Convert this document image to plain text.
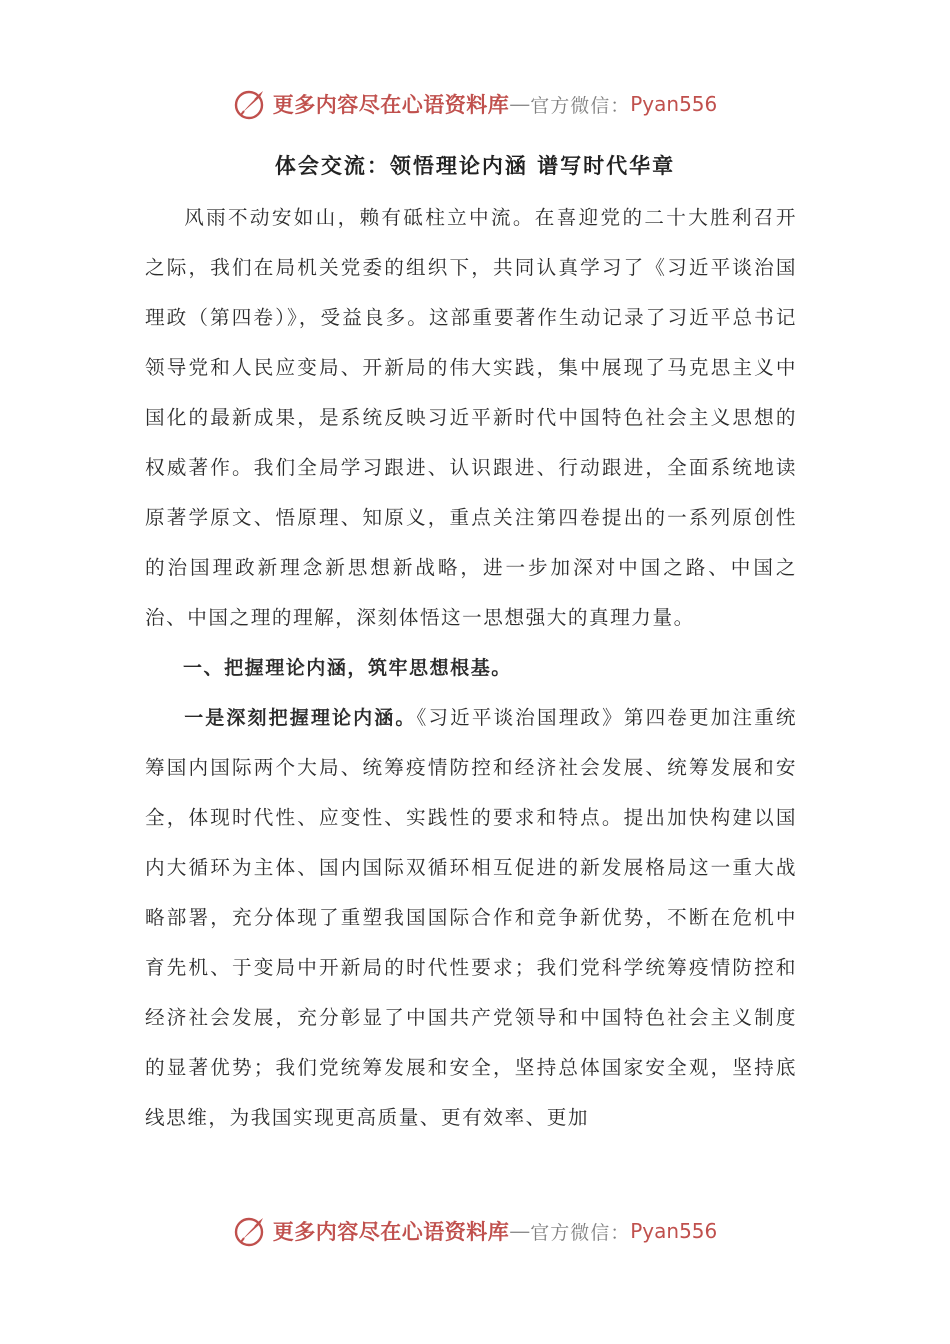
更多内容尽在心语资料库 — 官方微信： Pyan556
体会交流：领悟理论内涵 谱写时代华章

风雨不动安如山，赖有砥柱立中流。在喜迎党的二十大胜利召开之际，我们在局机关党委的组织下，共同认真学习了《习近平谈治国理政（第四卷）》，受益良多。这部重要著作生动记录了习近平总书记领导党和人民应变局、开新局的伟大实践，集中展现了马克思主义中国化的最新成果，是系统反映习近平新时代中国特色社会主义思想的权威著作。我们全局学习跟进、认识跟进、行动跟进，全面系统地读原著学原文、悟原理、知原义，重点关注第四卷提出的一系列原创性的治国理政新理念新思想新战略，进一步加深对中国之路、中国之治、中国之理的理解，深刻体悟这一思想强大的真理力量。

一、把握理论内涵，筑牢思想根基。

一是深刻把握理论内涵。《习近平谈治国理政》第四卷更加注重统筹国内国际两个大局、统筹疫情防控和经济社会发展、统筹发展和安全，体现时代性、应变性、实践性的要求和特点。提出加快构建以国内大循环为主体、国内国际双循环相互促进的新发展格局这一重大战略部署，充分体现了重塑我国国际合作和竞争新优势，不断在危机中育先机、于变局中开新局的时代性要求；我们党科学统筹疫情防控和经济社会发展，充分彰显了中国共产党领导和中国特色社会主义制度的显著优势；我们党统筹发展和安全，坚持总体国家安全观，坚持底线思维，为我国实现更高质量、更有效率、更加

更多内容尽在心语资料库 — 官方微信： Pyan556
